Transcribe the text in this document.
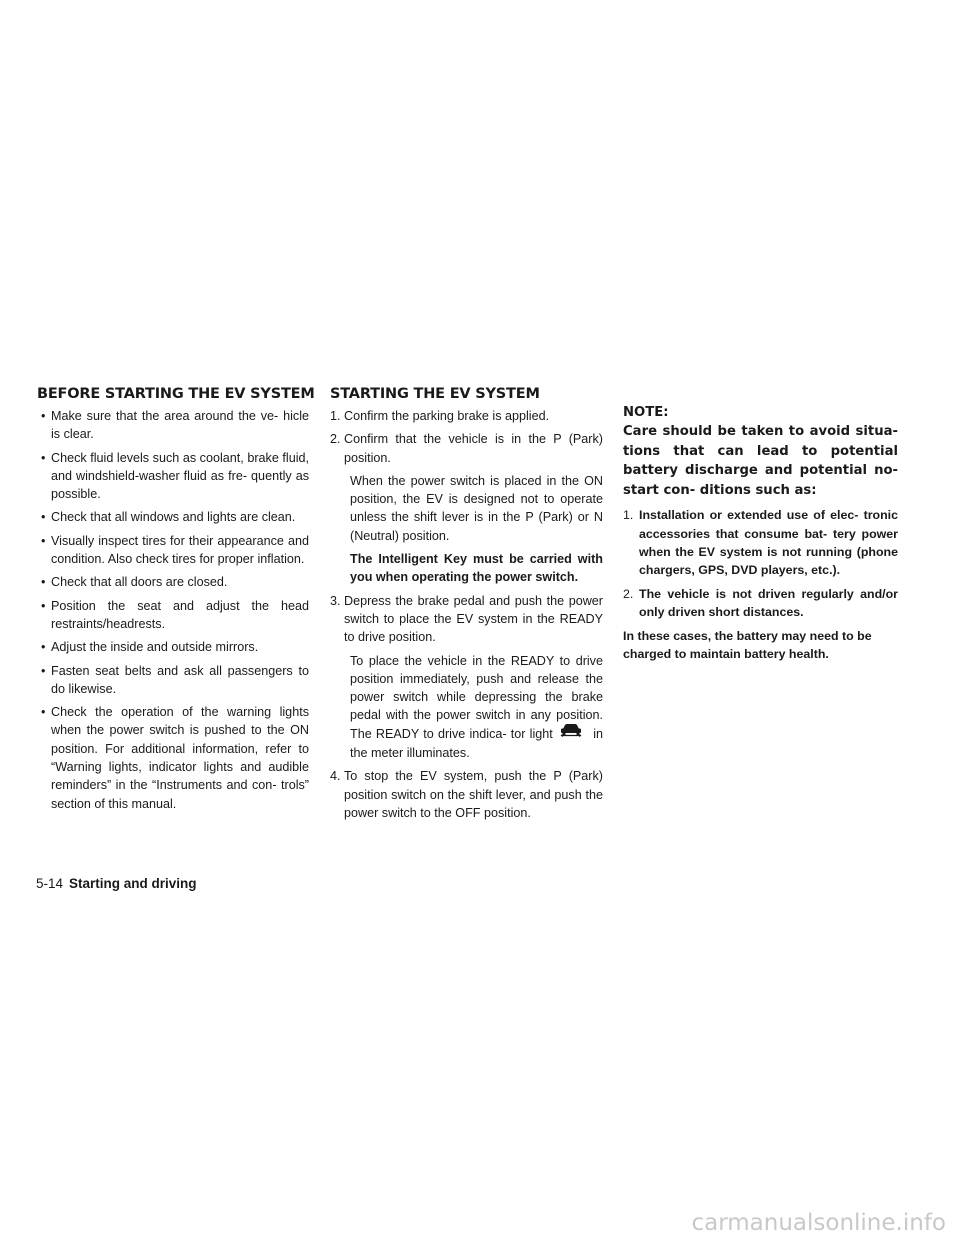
BEFORE STARTING THE EV SYSTEM
• Make sure that the area around the ve- hicle is clear.
• Check fluid levels such as coolant, brake fluid, and windshield-washer fluid as fre- quently as possible.
• Check that all windows and lights are clean.
• Visually inspect tires for their appearance and condition. Also check tires for proper inflation.
• Check that all doors are closed.
• Position the seat and adjust the head restraints/headrests.
• Adjust the inside and outside mirrors.
• Fasten seat belts and ask all passengers to do likewise.
• Check the operation of the warning lights when the power switch is pushed to the ON position. For additional information, refer to “Warning lights, indicator lights and audible reminders” in the “Instruments and con- trols” section of this manual.
STARTING THE EV SYSTEM
1. Confirm the parking brake is applied.
2. Confirm that the vehicle is in the P (Park) position.
When the power switch is placed in the ON position, the EV is designed not to operate unless the shift lever is in the P (Park) or N (Neutral) position.
The Intelligent Key must be carried with you when operating the power switch.
3. Depress the brake pedal and push the power switch to place the EV system in the READY to drive position.
To place the vehicle in the READY to drive position immediately, push and release the power switch while depressing the brake pedal with the power switch in any position. The READY to drive indica- tor light	in the meter illuminates.
4. To stop the EV system, push the P (Park) position switch on the shift lever, and push the power switch to the OFF position.
NOTE:
Care should be taken to avoid situa- tions that can lead to potential battery discharge and potential no-start con- ditions such as:
1. Installation or extended use of elec- tronic accessories that consume bat- tery power when the EV system is not running (phone chargers, GPS, DVD players, etc.).
2. The vehicle is not driven regularly and/or only driven short distances.
In these cases, the battery may need to be charged to maintain battery health.
5-14 Starting and driving
carmanualsonline.info
